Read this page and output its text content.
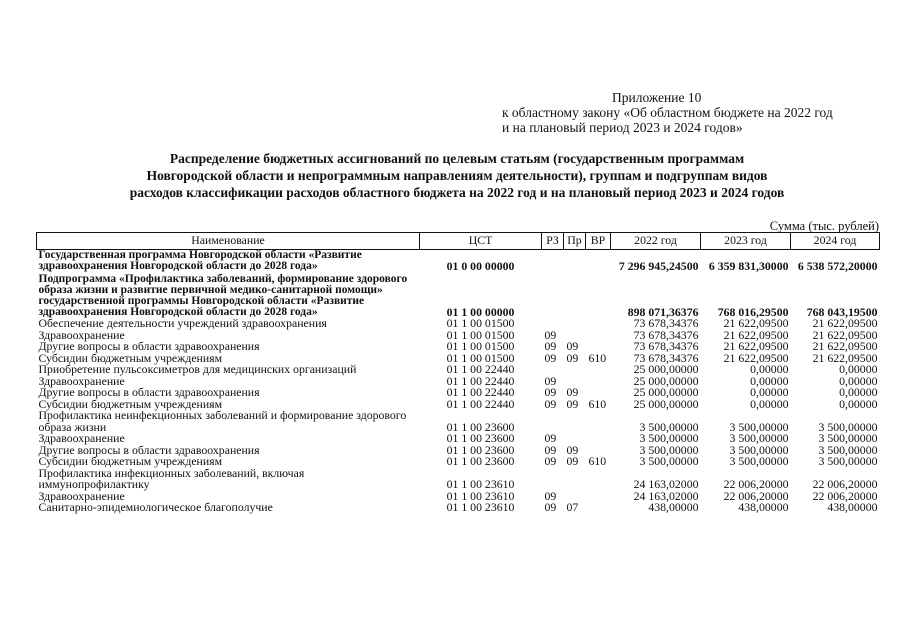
Приложение 10
к областному закону «Об областном бюджете на 2022 год
и на плановый период 2023 и 2024 годов»
Распределение бюджетных ассигнований по целевым статьям (государственным программам
Новгородской области и непрограммным направлениям деятельности), группам и подгруппам видов
расходов классификации расходов областного бюджета на 2022 год и на плановый период 2023 и 2024 годов
Сумма (тыс. рублей)
Наименование	ЦСТ	РЗ	Пр	ВР	2022 год	2023 год	2024 год
Государственная программа Новгородской области «Развитие здравоохранения Новгородской области до 2028 года»	01 0 00 00000				7 296 945,24500	6 359 831,30000	6 538 572,20000
Подпрограмма «Профилактика заболеваний, формирование здорового образа жизни и развитие первичной медико-санитарной помощи» государственной программы Новгородской области «Развитие здравоохранения Новгородской области до 2028 года»	01 1 00 00000				898 071,36376	768 016,29500	768 043,19500
Обеспечение деятельности учреждений здравоохранения	01 1 00 01500				73 678,34376	21 622,09500	21 622,09500
Здравоохранение	01 1 00 01500	09			73 678,34376	21 622,09500	21 622,09500
Другие вопросы в области здравоохранения	01 1 00 01500	09	09		73 678,34376	21 622,09500	21 622,09500
Субсидии бюджетным учреждениям	01 1 00 01500	09	09	610	73 678,34376	21 622,09500	21 622,09500
Приобретение пульсоксиметров для медицинских организаций	01 1 00 22440				25 000,00000	0,00000	0,00000
Здравоохранение	01 1 00 22440	09			25 000,00000	0,00000	0,00000
Другие вопросы в области здравоохранения	01 1 00 22440	09	09		25 000,00000	0,00000	0,00000
Субсидии бюджетным учреждениям	01 1 00 22440	09	09	610	25 000,00000	0,00000	0,00000
Профилактика неинфекционных заболеваний и формирование здорового образа жизни	01 1 00 23600				3 500,00000	3 500,00000	3 500,00000
Здравоохранение	01 1 00 23600	09			3 500,00000	3 500,00000	3 500,00000
Другие вопросы в области здравоохранения	01 1 00 23600	09	09		3 500,00000	3 500,00000	3 500,00000
Субсидии бюджетным учреждениям	01 1 00 23600	09	09	610	3 500,00000	3 500,00000	3 500,00000
Профилактика инфекционных заболеваний, включая иммунопрофилактику	01 1 00 23610				24 163,02000	22 006,20000	22 006,20000
Здравоохранение	01 1 00 23610	09			24 163,02000	22 006,20000	22 006,20000
Санитарно-эпидемиологическое благополучие	01 1 00 23610	09	07		438,00000	438,00000	438,00000
